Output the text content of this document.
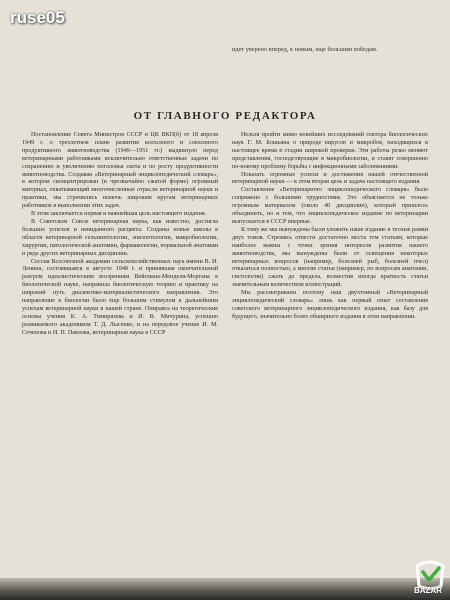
идет уверено вперед, к новым, еще большим победам.
ОТ ГЛАВНОГО РЕДАКТОРА

Постановление Совета Министров СССР и ЦК ВКП(б) от 18 апреля 1949 г. о трехлетнем плане развития колхозного и совхозного продуктивного животноводства (1949—1951 гг.) выдвинуло перед ветеринарными работниками исключительно ответственные задачи по сохранению и увеличению поголовья скота и по росту продуктивности животноводства. Создавая «Ветеринарный энциклопедический словарь», в котором сконцентрирован (в чрезвычайно сжатой форме) огромный материал, охватывающий многочисленные отрасли ветеринарной науки и практики, мы стремились помочь широким кругам ветеринарных работников в выполнении этих задач.

В этом заключается первая и важнейшая цель настоящего издания.

В Советском Союзе ветеринарная наука, как известно, достигла больших успехов и невиданного расцвета. Созданы новые школы в области ветеринарной гельминтологии, эпизоотологии, микробиологии, хирургии, патологической анатомии, фармакологии, нормальной анатомии и ряда других ветеринарных дисциплин.

Сессия Всесоюзной академии сельскохозяйственных наук имени В. И. Ленина, состоявшаяся в августе 1948 г. и принявшая окончательный разгром идеалистическим воззрениям Вейсмана-Менделя-Моргана в биологической науке, направила биологическую теорию и практику на широкий путь диалектико-материалистического направления. Это направление в биологии было еще большим стимулом к дальнейшим успехам ветеринарной науки в нашей стране. Опираясь на теоретические основы учения К. А. Тимирязева и И. В. Мичурина, успешно развиваемого академиком Т. Д. Лысенко, и на передовое учение И. М. Сеченова и И. П. Павлова, ветеринарная наука в СССР

Нельзя пройти мимо новейших исследований сектора биологических наук Г. М. Бошьяна о природе вирусов и микробов, находящихся в настоящее время в стадии широкой проверки. Эти работы резко меняют представления, господствующие в микробиологии, и ставят совершенно по-новому проблему борьбы с инфекционными заболеваниями.

Показать огромные успехи и достижения нашей отечественной ветеринарной науки — в этом вторая цель и задача настоящего издания.

Составление «Ветеринарного энциклопедического словаря» было сопряжено с большими трудностями. Это объясняется не только огромным материалом (около 40 дисциплин), который пришлось объединить, но и тем, что энциклопедическое издание по ветеринарии выпускается в СССР впервые.

К тому же мы вынуждены были уложить наше издание в тесные рамки двух томов. Стремясь отвести достаточно места тем статьям, которые наиболее важны с точки зрения интересов развития нашего животноводства, мы вынуждены были от освещения некоторых ветеринарных вопросов (например, болезней рыб, болезней пчел) отказаться полностью, а многие статьи (например, по вопросам анатомии, гистологии) сжать до предела, возместив иногда краткость статьи значительным количеством иллюстраций.

Мы рассматриваем поэтому наш двухтомный «Ветеринарный энциклопедический словарь» лишь как первый опыт составления советского ветеринарного энциклопедического издания, как базу для будущего, значительно более обширного издания в этом направлении.

ruse05
BAZAR
